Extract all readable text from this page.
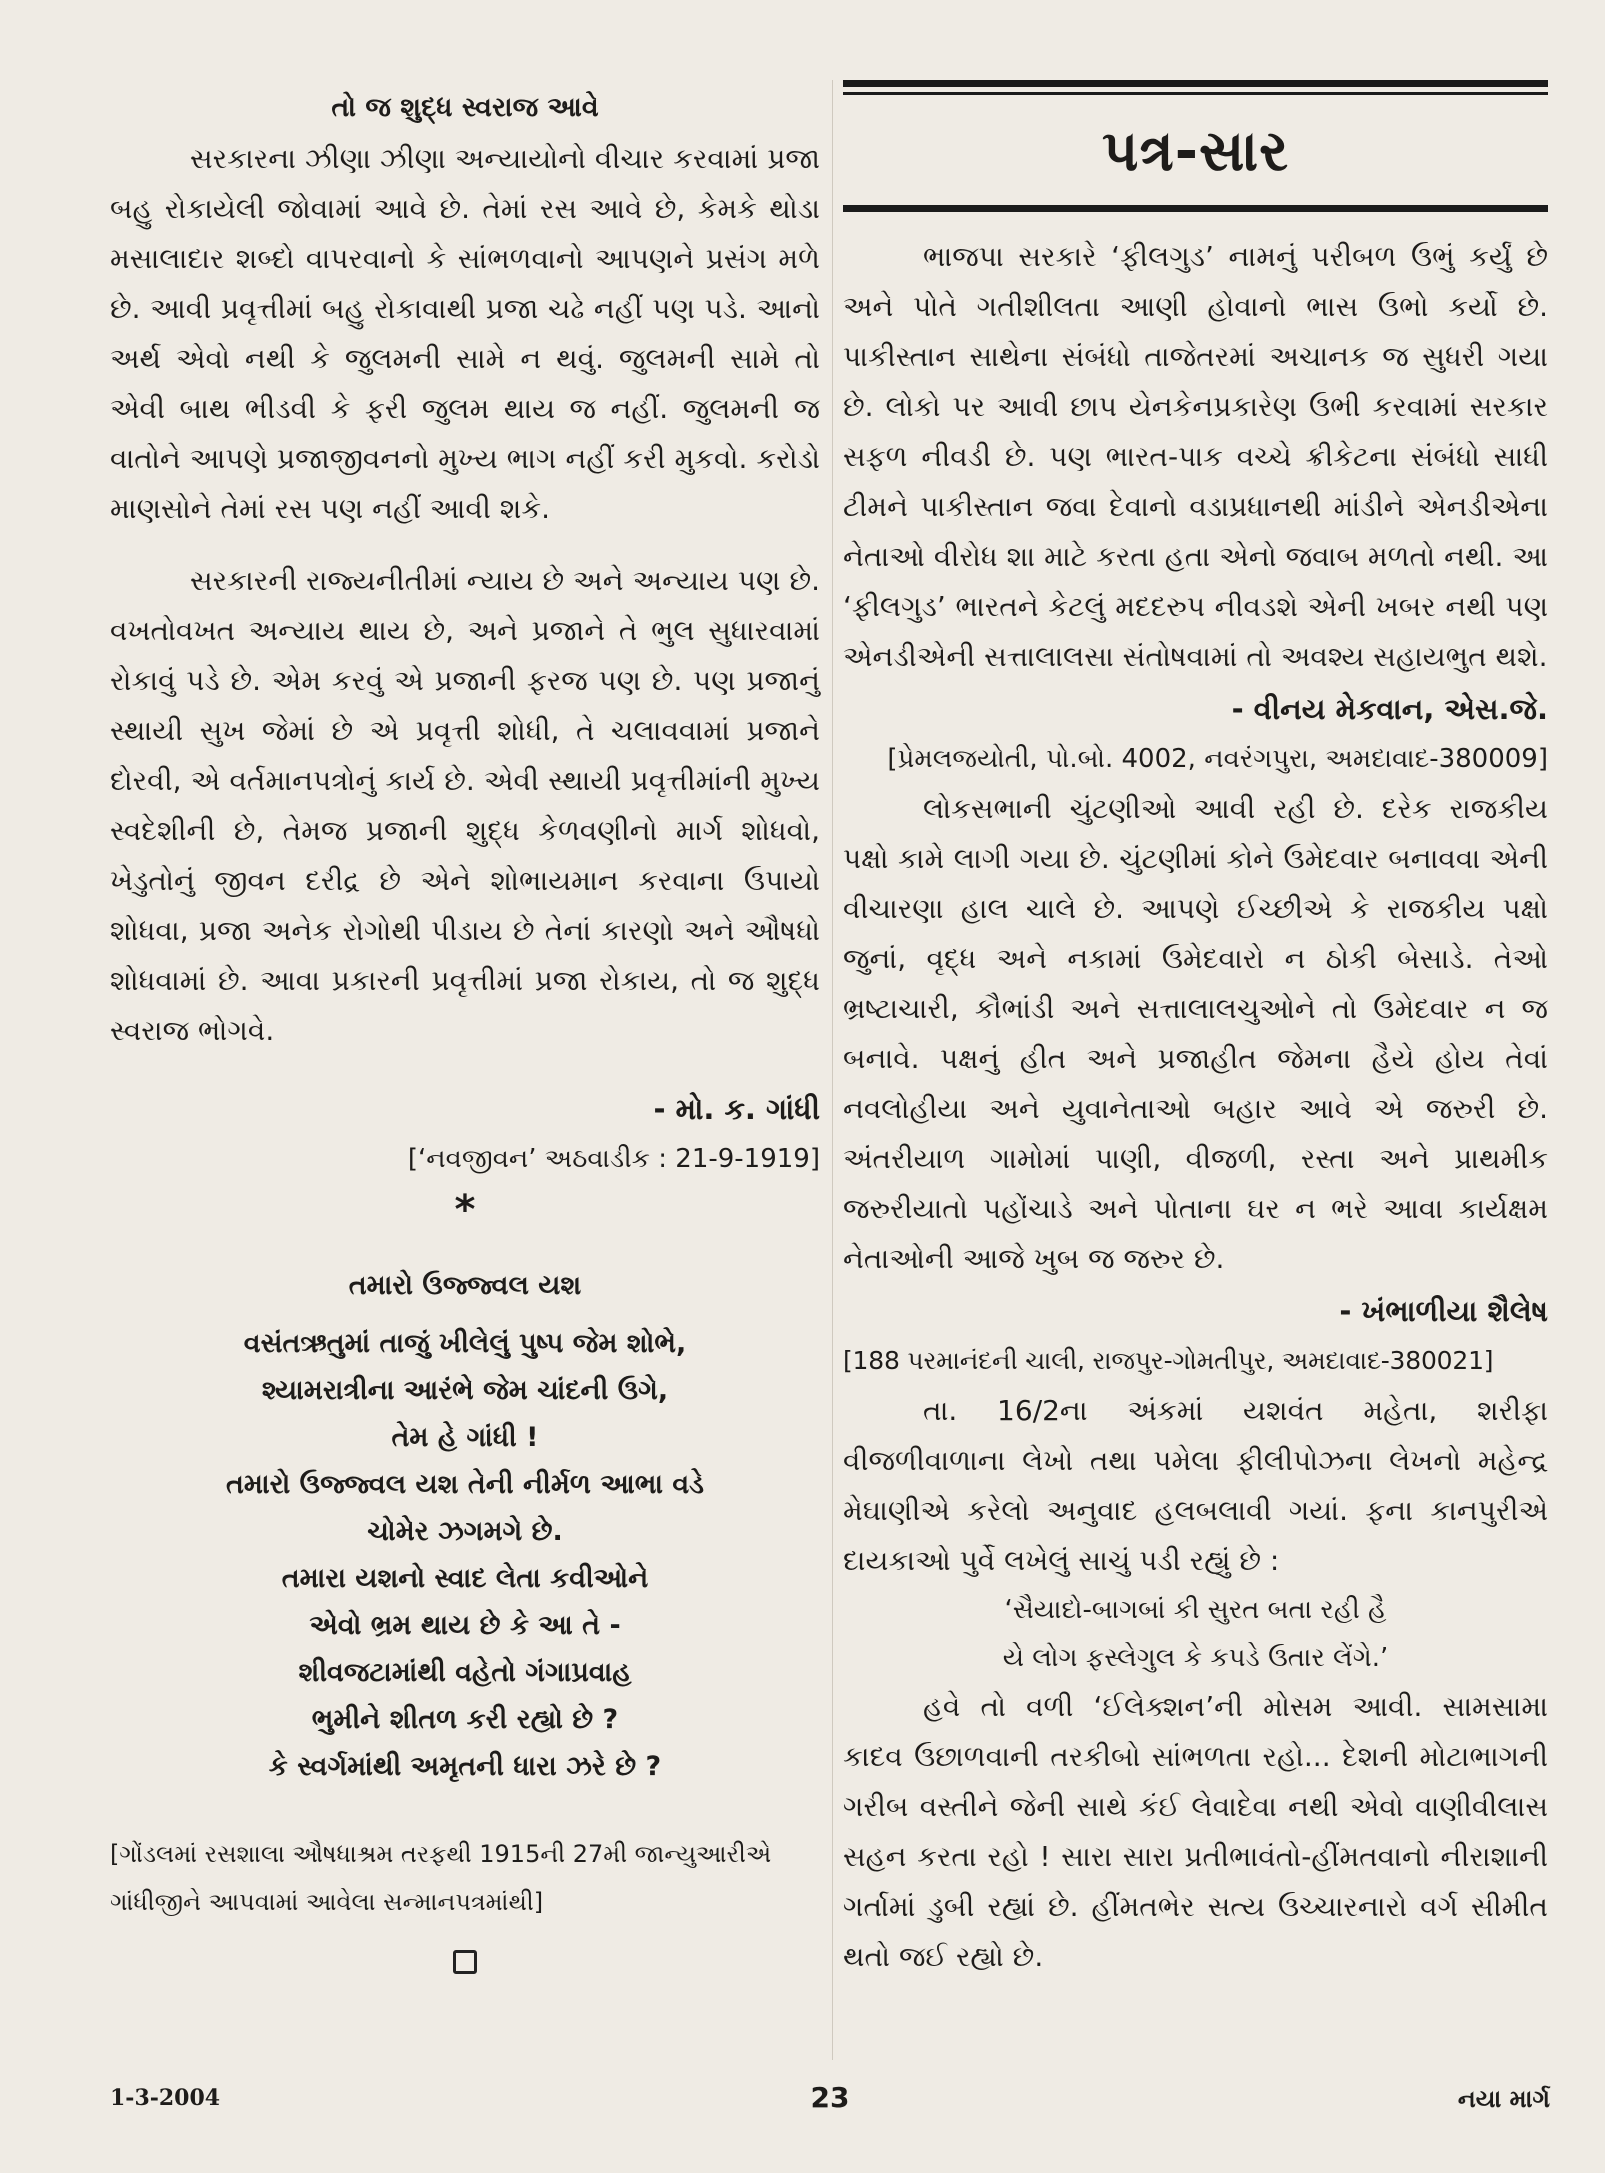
તો જ શુદ્ધ સ્વરાજ આવે

સરકારના ઝીણા ઝીણા અન્યાયોનો વીચાર કરવામાં પ્રજા બહુ રોકાયેલી જોવામાં આવે છે. તેમાં રસ આવે છે, કેમકે થોડા મસાલાદાર શબ્દો વાપરવાનો કે સાંભળવાનો આપણને પ્રસંગ મળે છે. આવી પ્રવૃત્તીમાં બહુ રોકાવાથી પ્રજા ચઢે નહીં પણ પડે. આનો અર્થ એવો નથી કે જુલમની સામે ન થવું. જુલમની સામે તો એવી બાથ ભીડવી કે ફરી જુલમ થાય જ નહીં. જુલમની જ વાતોને આપણે પ્રજાજીવનનો મુખ્ય ભાગ નહીં કરી મુકવો. કરોડો માણસોને તેમાં રસ પણ નહીં આવી શકે.

સરકારની રાજ્યનીતીમાં ન્યાય છે અને અન્યાય પણ છે. વખતોવખત અન્યાય થાય છે, અને પ્રજાને તે ભુલ સુધારવામાં રોકાવું પડે છે. એમ કરવું એ પ્રજાની ફરજ પણ છે. પણ પ્રજાનું સ્થાયી સુખ જેમાં છે એ પ્રવૃત્તી શોધી, તે ચલાવવામાં પ્રજાને દોરવી, એ વર્તમાનપત્રોનું કાર્ય છે. એવી સ્થાયી પ્રવૃત્તીમાંની મુખ્ય સ્વદેશીની છે, તેમજ પ્રજાની શુદ્ધ કેળવણીનો માર્ગ શોધવો, ખેડુતોનું જીવન દરીદ્ર છે એને શોભાયમાન કરવાના ઉપાયો શોધવા, પ્રજા અનેક રોગોથી પીડાય છે તેનાં કારણો અને ઔષધો શોધવામાં છે. આવા પ્રકારની પ્રવૃત્તીમાં પ્રજા રોકાય, તો જ શુદ્ધ સ્વરાજ ભોગવે.

- મો. ક. ગાંધી
[‘નવજીવન’ અઠવાડીક : 21-9-1919]
*
તમારો ઉજ્જ્વલ યશ
વસંતઋતુમાં તાજું ખીલેલું પુષ્પ જેમ શોભે,
શ્યામરાત્રીના આરંભે જેમ ચાંદની ઉગે,
તેમ હે ગાંધી !
તમારો ઉજ્જ્વલ યશ તેની નીર્મળ આભા વડે
ચોમેર ઝગમગે છે.
તમારા યશનો સ્વાદ લેતા કવીઓને
એવો ભ્રમ થાય છે કે આ તે -
શીવજટામાંથી વહેતો ગંગાપ્રવાહ
ભુમીને શીતળ કરી રહ્યો છે ?
કે સ્વર્ગમાંથી અમૃતની ધારા ઝરે છે ?
[ગોંડલમાં રસશાલા ઔષધાશ્રમ તરફથી 1915ની 27મી જાન્યુઆરીએ ગાંધીજીને આપવામાં આવેલા સન્માનપત્રમાંથી]
પત્ર-સાર

ભાજપા સરકારે ‘ફીલગુડ’ નામનું પરીબળ ઉભું કર્યું છે અને પોતે ગતીશીલતા આણી હોવાનો ભાસ ઉભો કર્યો છે. પાકીસ્તાન સાથેના સંબંધો તાજેતરમાં અચાનક જ સુધરી ગયા છે. લોકો પર આવી છાપ યેનકેનપ્રકારેણ ઉભી કરવામાં સરકાર સફળ નીવડી છે. પણ ભારત-પાક વચ્ચે ક્રીકેટના સંબંધો સાધી ટીમને પાકીસ્તાન જવા દેવાનો વડાપ્રધાનથી માંડીને એનડીએના નેતાઓ વીરોધ શા માટે કરતા હતા એનો જવાબ મળતો નથી. આ ‘ફીલગુડ’ ભારતને કેટલું મદદરુપ નીવડશે એની ખબર નથી પણ એનડીએની સત્તાલાલસા સંતોષવામાં તો અવશ્ય સહાયભુત થશે.

- વીનય મેકવાન, એસ.જે.
[પ્રેમલજયોતી, પો.બો. 4002, નવરંગપુરા, અમદાવાદ-380009]

લોકસભાની ચુંટણીઓ આવી રહી છે. દરેક રાજકીય પક્ષો કામે લાગી ગયા છે. ચુંટણીમાં કોને ઉમેદવાર બનાવવા એની વીચારણા હાલ ચાલે છે. આપણે ઈચ્છીએ કે રાજકીય પક્ષો જુનાં, વૃદ્ધ અને નકામાં ઉમેદવારો ન ઠોકી બેસાડે. તેઓ ભ્રષ્ટાચારી, કૌભાંડી અને સત્તાલાલચુઓને તો ઉમેદવાર ન જ બનાવે. પક્ષનું હીત અને પ્રજાહીત જેમના હૈયે હોય તેવાં નવલોહીયા અને યુવાનેતાઓ બહાર આવે એ જરુરી છે. અંતરીયાળ ગામોમાં પાણી, વીજળી, રસ્તા અને પ્રાથમીક જરુરીયાતો પહોંચાડે અને પોતાના ઘર ન ભરે આવા કાર્યક્ષમ નેતાઓની આજે ખુબ જ જરુર છે.

- ખંભાળીયા શૈલેષ
[188 પરમાનંદની ચાલી, રાજપુર-ગોમતીપુર, અમદાવાદ-380021]

તા. 16/2ના અંકમાં યશવંત મહેતા, શરીફા વીજળીવાળાના લેખો તથા પમેલા ફીલીપોઝના લેખનો મહેન્દ્ર મેઘાણીએ કરેલો અનુવાદ હલબલાવી ગયાં. ફના કાનપુરીએ દાયકાઓ પુર્વે લખેલું સાચું પડી રહ્યું છે :

‘સૈયાદો-બાગબાં કી સુરત બતા રહી હૈ
યે લોગ ફસ્લેગુલ કે કપડે ઉતાર લેંગે.’

હવે તો વળી ‘ઈલેક્શન’ની મોસમ આવી. સામસામા કાદવ ઉછાળવાની તરકીબો સાંભળતા રહો... દેશની મોટાભાગની ગરીબ વસ્તીને જેની સાથે કંઈ લેવાદેવા નથી એવો વાણીવીલાસ સહન કરતા રહો ! સારા સારા પ્રતીભાવંતો-હીંમતવાનો નીરાશાની ગર્તામાં ડુબી રહ્યાં છે. હીંમતભેર સત્ય ઉચ્ચારનારો વર્ગ સીમીત થતો જઈ રહ્યો છે.

1-3-2004	23	નયા માર્ગ
